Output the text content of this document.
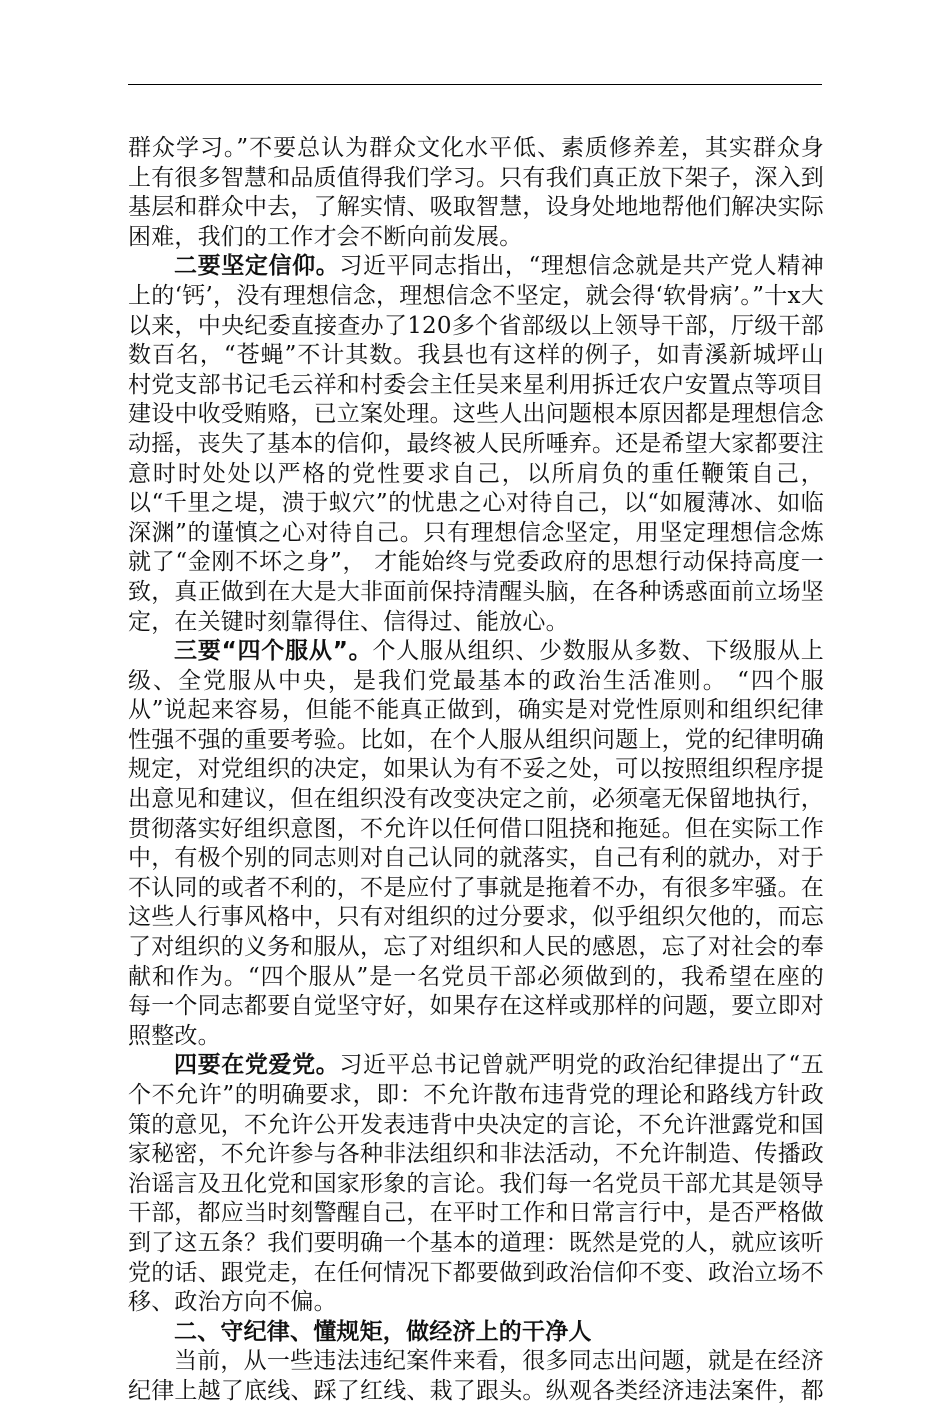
群众学习。”不要总认为群众文化水平低、素质修养差，其实群众身上有很多智慧和品质值得我们学习。只有我们真正放下架子，深入到基层和群众中去，了解实情、吸取智慧，设身处地地帮他们解决实际困难，我们的工作才会不断向前发展。

二要坚定信仰。习近平同志指出，“理想信念就是共产党人精神上的‘钙’，没有理想信念，理想信念不坚定，就会得‘软骨病’。”十x大以来，中央纪委直接查办了120多个省部级以上领导干部，厅级干部数百名，“苍蝇”不计其数。我县也有这样的例子，如青溪新城坪山村党支部书记毛云祥和村委会主任吴来星利用拆迁农户安置点等项目建设中收受贿赂，已立案处理。这些人出问题根本原因都是理想信念动摇，丧失了基本的信仰，最终被人民所唾弃。还是希望大家都要注意时时处处以严格的党性要求自己，以所肩负的重任鞭策自己，以“千里之堤，溃于蚁穴”的忧患之心对待自己，以“如履薄冰、如临深渊”的谨慎之心对待自己。只有理想信念坚定，用坚定理想信念炼就了“金刚不坏之身”， 才能始终与党委政府的思想行动保持高度一致，真正做到在大是大非面前保持清醒头脑，在各种诱惑面前立场坚定，在关键时刻靠得住、信得过、能放心。

三要“四个服从”。个人服从组织、少数服从多数、下级服从上级、全党服从中央，是我们党最基本的政治生活准则。 “四个服从”说起来容易，但能不能真正做到，确实是对党性原则和组织纪律性强不强的重要考验。比如，在个人服从组织问题上，党的纪律明确规定，对党组织的决定，如果认为有不妥之处，可以按照组织程序提出意见和建议，但在组织没有改变决定之前，必须毫无保留地执行，贯彻落实好组织意图，不允许以任何借口阻挠和拖延。但在实际工作中，有极个别的同志则对自己认同的就落实，自己有利的就办，对于不认同的或者不利的，不是应付了事就是拖着不办，有很多牢骚。在这些人行事风格中，只有对组织的过分要求，似乎组织欠他的，而忘了对组织的义务和服从，忘了对组织和人民的感恩，忘了对社会的奉献和作为。“四个服从”是一名党员干部必须做到的，我希望在座的每一个同志都要自觉坚守好，如果存在这样或那样的问题，要立即对照整改。

四要在党爱党。习近平总书记曾就严明党的政治纪律提出了“五个不允许”的明确要求，即：不允许散布违背党的理论和路线方针政策的意见，不允许公开发表违背中央决定的言论，不允许泄露党和国家秘密，不允许参与各种非法组织和非法活动，不允许制造、传播政治谣言及丑化党和国家形象的言论。我们每一名党员干部尤其是领导干部，都应当时刻警醒自己，在平时工作和日常言行中，是否严格做到了这五条？我们要明确一个基本的道理：既然是党的人，就应该听党的话、跟党走，在任何情况下都要做到政治信仰不变、政治立场不移、政治方向不偏。

二、守纪律、懂规矩，做经济上的干净人

当前，从一些违法违纪案件来看，很多同志出问题，就是在经济纪律上越了底线、踩了红线、栽了跟头。纵观各类经济违法案件，都
